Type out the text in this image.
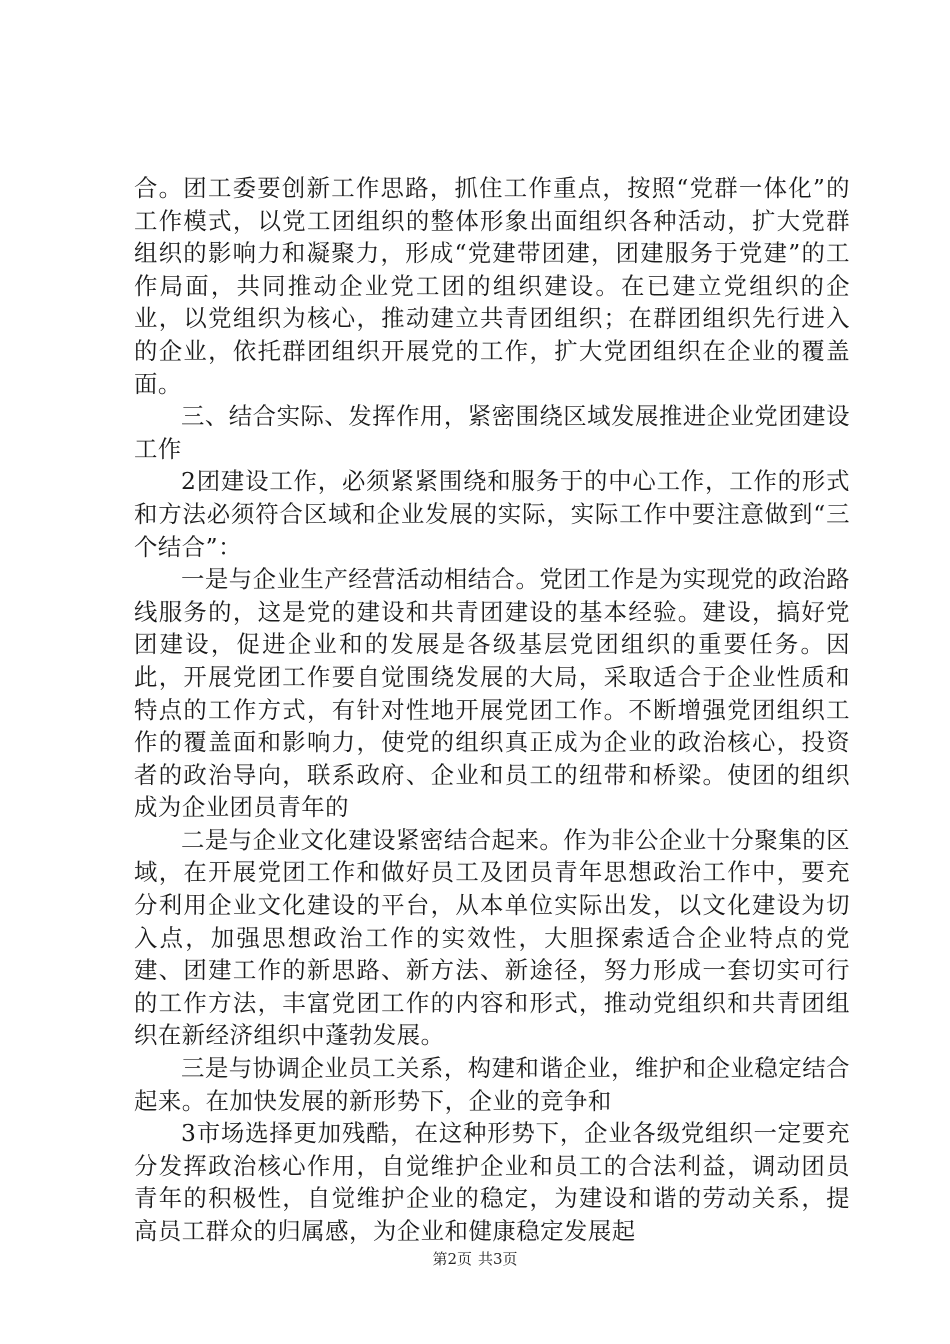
合。团工委要创新工作思路，抓住工作重点，按照“党群一体化”的工作模式，以党工团组织的整体形象出面组织各种活动，扩大党群组织的影响力和凝聚力，形成“党建带团建，团建服务于党建”的工作局面，共同推动企业党工团的组织建设。在已建立党组织的企业，以党组织为核心，推动建立共青团组织；在群团组织先行进入的企业，依托群团组织开展党的工作，扩大党团组织在企业的覆盖面。

三、结合实际、发挥作用，紧密围绕区域发展推进企业党团建设工作

2团建设工作，必须紧紧围绕和服务于的中心工作，工作的形式和方法必须符合区域和企业发展的实际，实际工作中要注意做到“三个结合”：

一是与企业生产经营活动相结合。党团工作是为实现党的政治路线服务的，这是党的建设和共青团建设的基本经验。建设，搞好党团建设，促进企业和的发展是各级基层党团组织的重要任务。因此，开展党团工作要自觉围绕发展的大局，采取适合于企业性质和特点的工作方式，有针对性地开展党团工作。不断增强党团组织工作的覆盖面和影响力，使党的组织真正成为企业的政治核心，投资者的政治导向，联系政府、企业和员工的纽带和桥梁。使团的组织成为企业团员青年的

二是与企业文化建设紧密结合起来。作为非公企业十分聚集的区域，在开展党团工作和做好员工及团员青年思想政治工作中，要充分利用企业文化建设的平台，从本单位实际出发，以文化建设为切入点，加强思想政治工作的实效性，大胆探索适合企业特点的党建、团建工作的新思路、新方法、新途径，努力形成一套切实可行的工作方法，丰富党团工作的内容和形式，推动党组织和共青团组织在新经济组织中蓬勃发展。

三是与协调企业员工关系，构建和谐企业，维护和企业稳定结合起来。在加快发展的新形势下，企业的竞争和

3市场选择更加残酷，在这种形势下，企业各级党组织一定要充分发挥政治核心作用，自觉维护企业和员工的合法利益，调动团员青年的积极性，自觉维护企业的稳定，为建设和谐的劳动关系，提高员工群众的归属感，为企业和健康稳定发展起

第2页 共3页
